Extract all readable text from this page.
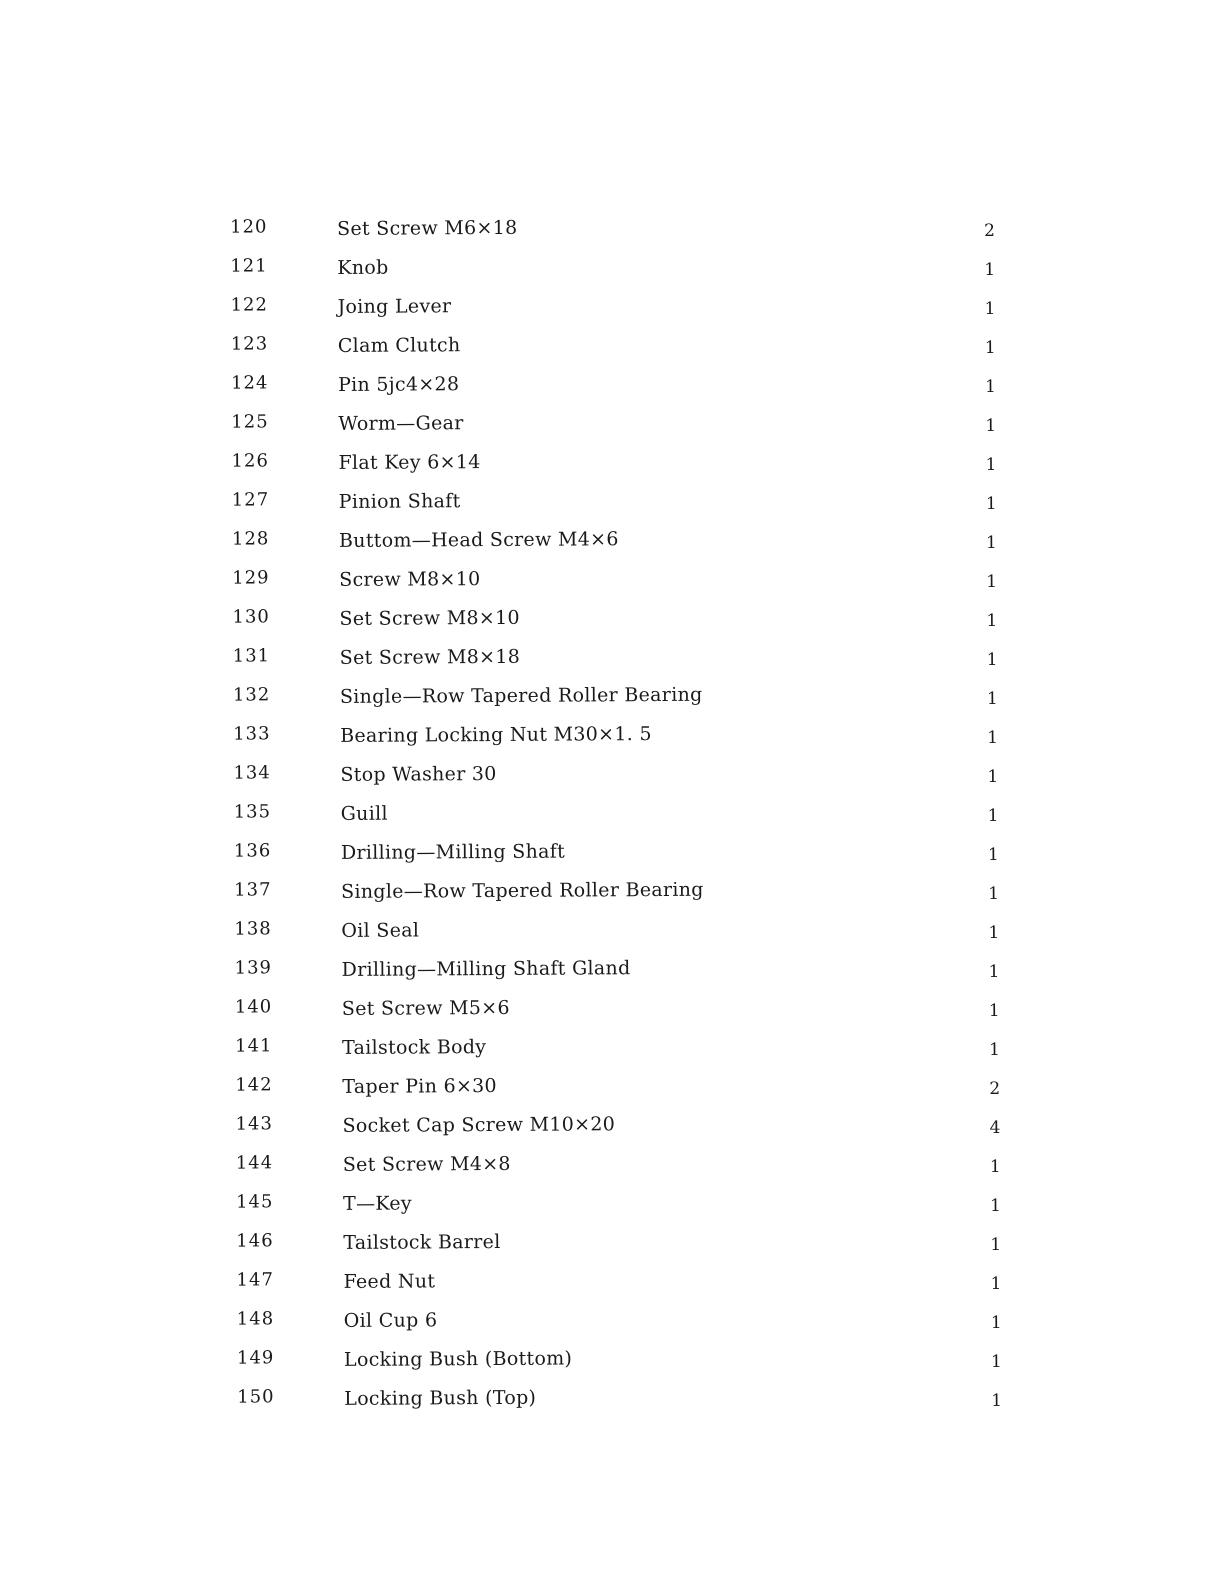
120	Set Screw M6×18	2
121	Knob	1
122	Joing Lever	1
123	Clam Clutch	1
124	Pin 5jc4×28	1
125	Worm—Gear	1
126	Flat Key 6×14	1
127	Pinion Shaft	1
128	Buttom—Head Screw M4×6	1
129	Screw M8×10	1
130	Set Screw M8×10	1
131	Set Screw M8×18	1
132	Single—Row Tapered Roller Bearing	1
133	Bearing Locking Nut M30×1. 5	1
134	Stop Washer 30	1
135	Guill	1
136	Drilling—Milling Shaft	1
137	Single—Row Tapered Roller Bearing	1
138	Oil Seal	1
139	Drilling—Milling Shaft Gland	1
140	Set Screw M5×6	1
141	Tailstock Body	1
142	Taper Pin 6×30	2
143	Socket Cap Screw M10×20	4
144	Set Screw M4×8	1
145	T—Key	1
146	Tailstock Barrel	1
147	Feed Nut	1
148	Oil Cup 6	1
149	Locking Bush (Bottom)	1
150	Locking Bush (Top)	1
